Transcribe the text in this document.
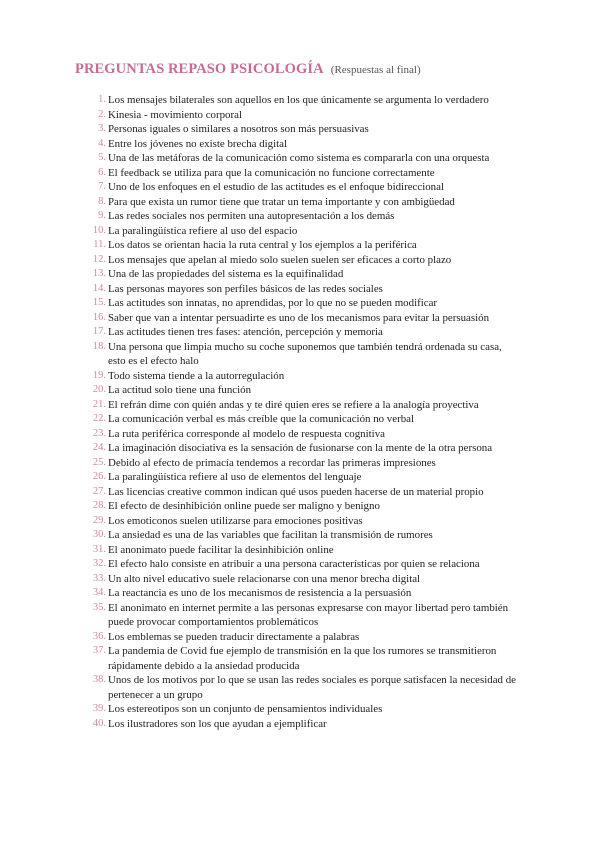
PREGUNTAS REPASO PSICOLOGÍA (Respuestas al final)
1. Los mensajes bilaterales son aquellos en los que únicamente se argumenta lo verdadero
2. Kinesia - movimiento corporal
3. Personas iguales o similares a nosotros son más persuasivas
4. Entre los jóvenes no existe brecha digital
5. Una de las metáforas de la comunicación como sistema es compararla con una orquesta
6. El feedback se utiliza para que la comunicación no funcione correctamente
7. Uno de los enfoques en el estudio de las actitudes es el enfoque bidireccional
8. Para que exista un rumor tiene que tratar un tema importante y con ambigüedad
9. Las redes sociales nos permiten una autopresentación a los demás
10. La paralingüística refiere al uso del espacio
11. Los datos se orientan hacia la ruta central y los ejemplos a la periférica
12. Los mensajes que apelan al miedo solo suelen suelen ser eficaces a corto plazo
13. Una de las propiedades del sistema es la equifinalidad
14. Las personas mayores son perfiles básicos de las redes sociales
15. Las actitudes son innatas, no aprendidas, por lo que no se pueden modificar
16. Saber que van a intentar persuadirte es uno de los mecanismos para evitar la persuasión
17. Las actitudes tienen tres fases: atención, percepción y memoria
18. Una persona que limpia mucho su coche suponemos que también tendrá ordenada su casa, esto es el efecto halo
19. Todo sistema tiende a la autorregulación
20. La actitud solo tiene una función
21. El refrán dime con quién andas y te diré quien eres se refiere a la analogía proyectiva
22. La comunicación verbal es más creíble que la comunicación no verbal
23. La ruta periférica corresponde al modelo de respuesta cognitiva
24. La imaginación disociativa es la sensación de fusionarse con la mente de la otra persona
25. Debido al efecto de primacía tendemos a recordar las primeras impresiones
26. La paralingüística refiere al uso de elementos del lenguaje
27. Las licencias creative common indican qué usos pueden hacerse de un material propio
28. El efecto de desinhibición online puede ser maligno y benigno
29. Los emoticonos suelen utilizarse para emociones positivas
30. La ansiedad es una de las variables que facilitan la transmisión de rumores
31. El anonimato puede facilitar la desinhibición online
32. El efecto halo consiste en atribuir a una persona características por quien se relaciona
33. Un alto nivel educativo suele relacionarse con una menor brecha digital
34. La reactancia es uno de los mecanismos de resistencia a la persuasión
35. El anonimato en internet permite a las personas expresarse con mayor libertad pero también puede provocar comportamientos problemáticos
36. Los emblemas se pueden traducir directamente a palabras
37. La pandemia de Covid fue ejemplo de transmisión en la que los rumores se transmitieron rápidamente debido a la ansiedad producida
38. Unos de los motivos por lo que se usan las redes sociales es porque satisfacen la necesidad de pertenecer a un grupo
39. Los estereotipos son un conjunto de pensamientos individuales
40. Los ilustradores son los que ayudan a ejemplificar
